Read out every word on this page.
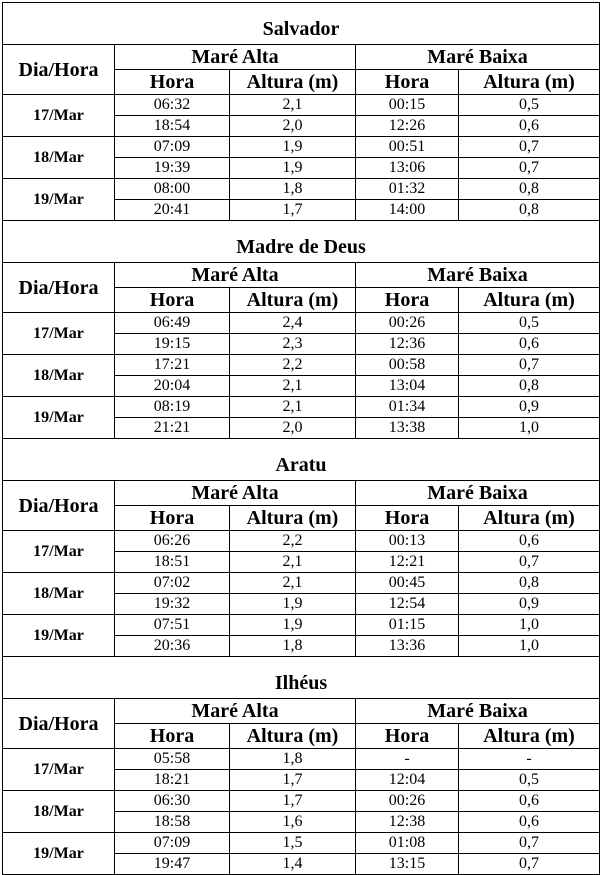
Salvador				
Dia/Hora	Maré Alta		Maré Baixa	
	Hora	Altura (m)	Hora	Altura (m)
17/Mar	06:32	2,1	00:15	0,5
	18:54	2,0	12:26	0,6
18/Mar	07:09	1,9	00:51	0,7
	19:39	1,9	13:06	0,7
19/Mar	08:00	1,8	01:32	0,8
	20:41	1,7	14:00	0,8
Madre de Deus				
Dia/Hora	Maré Alta		Maré Baixa	
	Hora	Altura (m)	Hora	Altura (m)
17/Mar	06:49	2,4	00:26	0,5
	19:15	2,3	12:36	0,6
18/Mar	17:21	2,2	00:58	0,7
	20:04	2,1	13:04	0,8
19/Mar	08:19	2,1	01:34	0,9
	21:21	2,0	13:38	1,0
Aratu				
Dia/Hora	Maré Alta		Maré Baixa	
	Hora	Altura (m)	Hora	Altura (m)
17/Mar	06:26	2,2	00:13	0,6
	18:51	2,1	12:21	0,7
18/Mar	07:02	2,1	00:45	0,8
	19:32	1,9	12:54	0,9
19/Mar	07:51	1,9	01:15	1,0
	20:36	1,8	13:36	1,0
Ilhéus				
Dia/Hora	Maré Alta		Maré Baixa	
	Hora	Altura (m)	Hora	Altura (m)
17/Mar	05:58	1,8	-	-
	18:21	1,7	12:04	0,5
18/Mar	06:30	1,7	00:26	0,6
	18:58	1,6	12:38	0,6
19/Mar	07:09	1,5	01:08	0,7
	19:47	1,4	13:15	0,7
